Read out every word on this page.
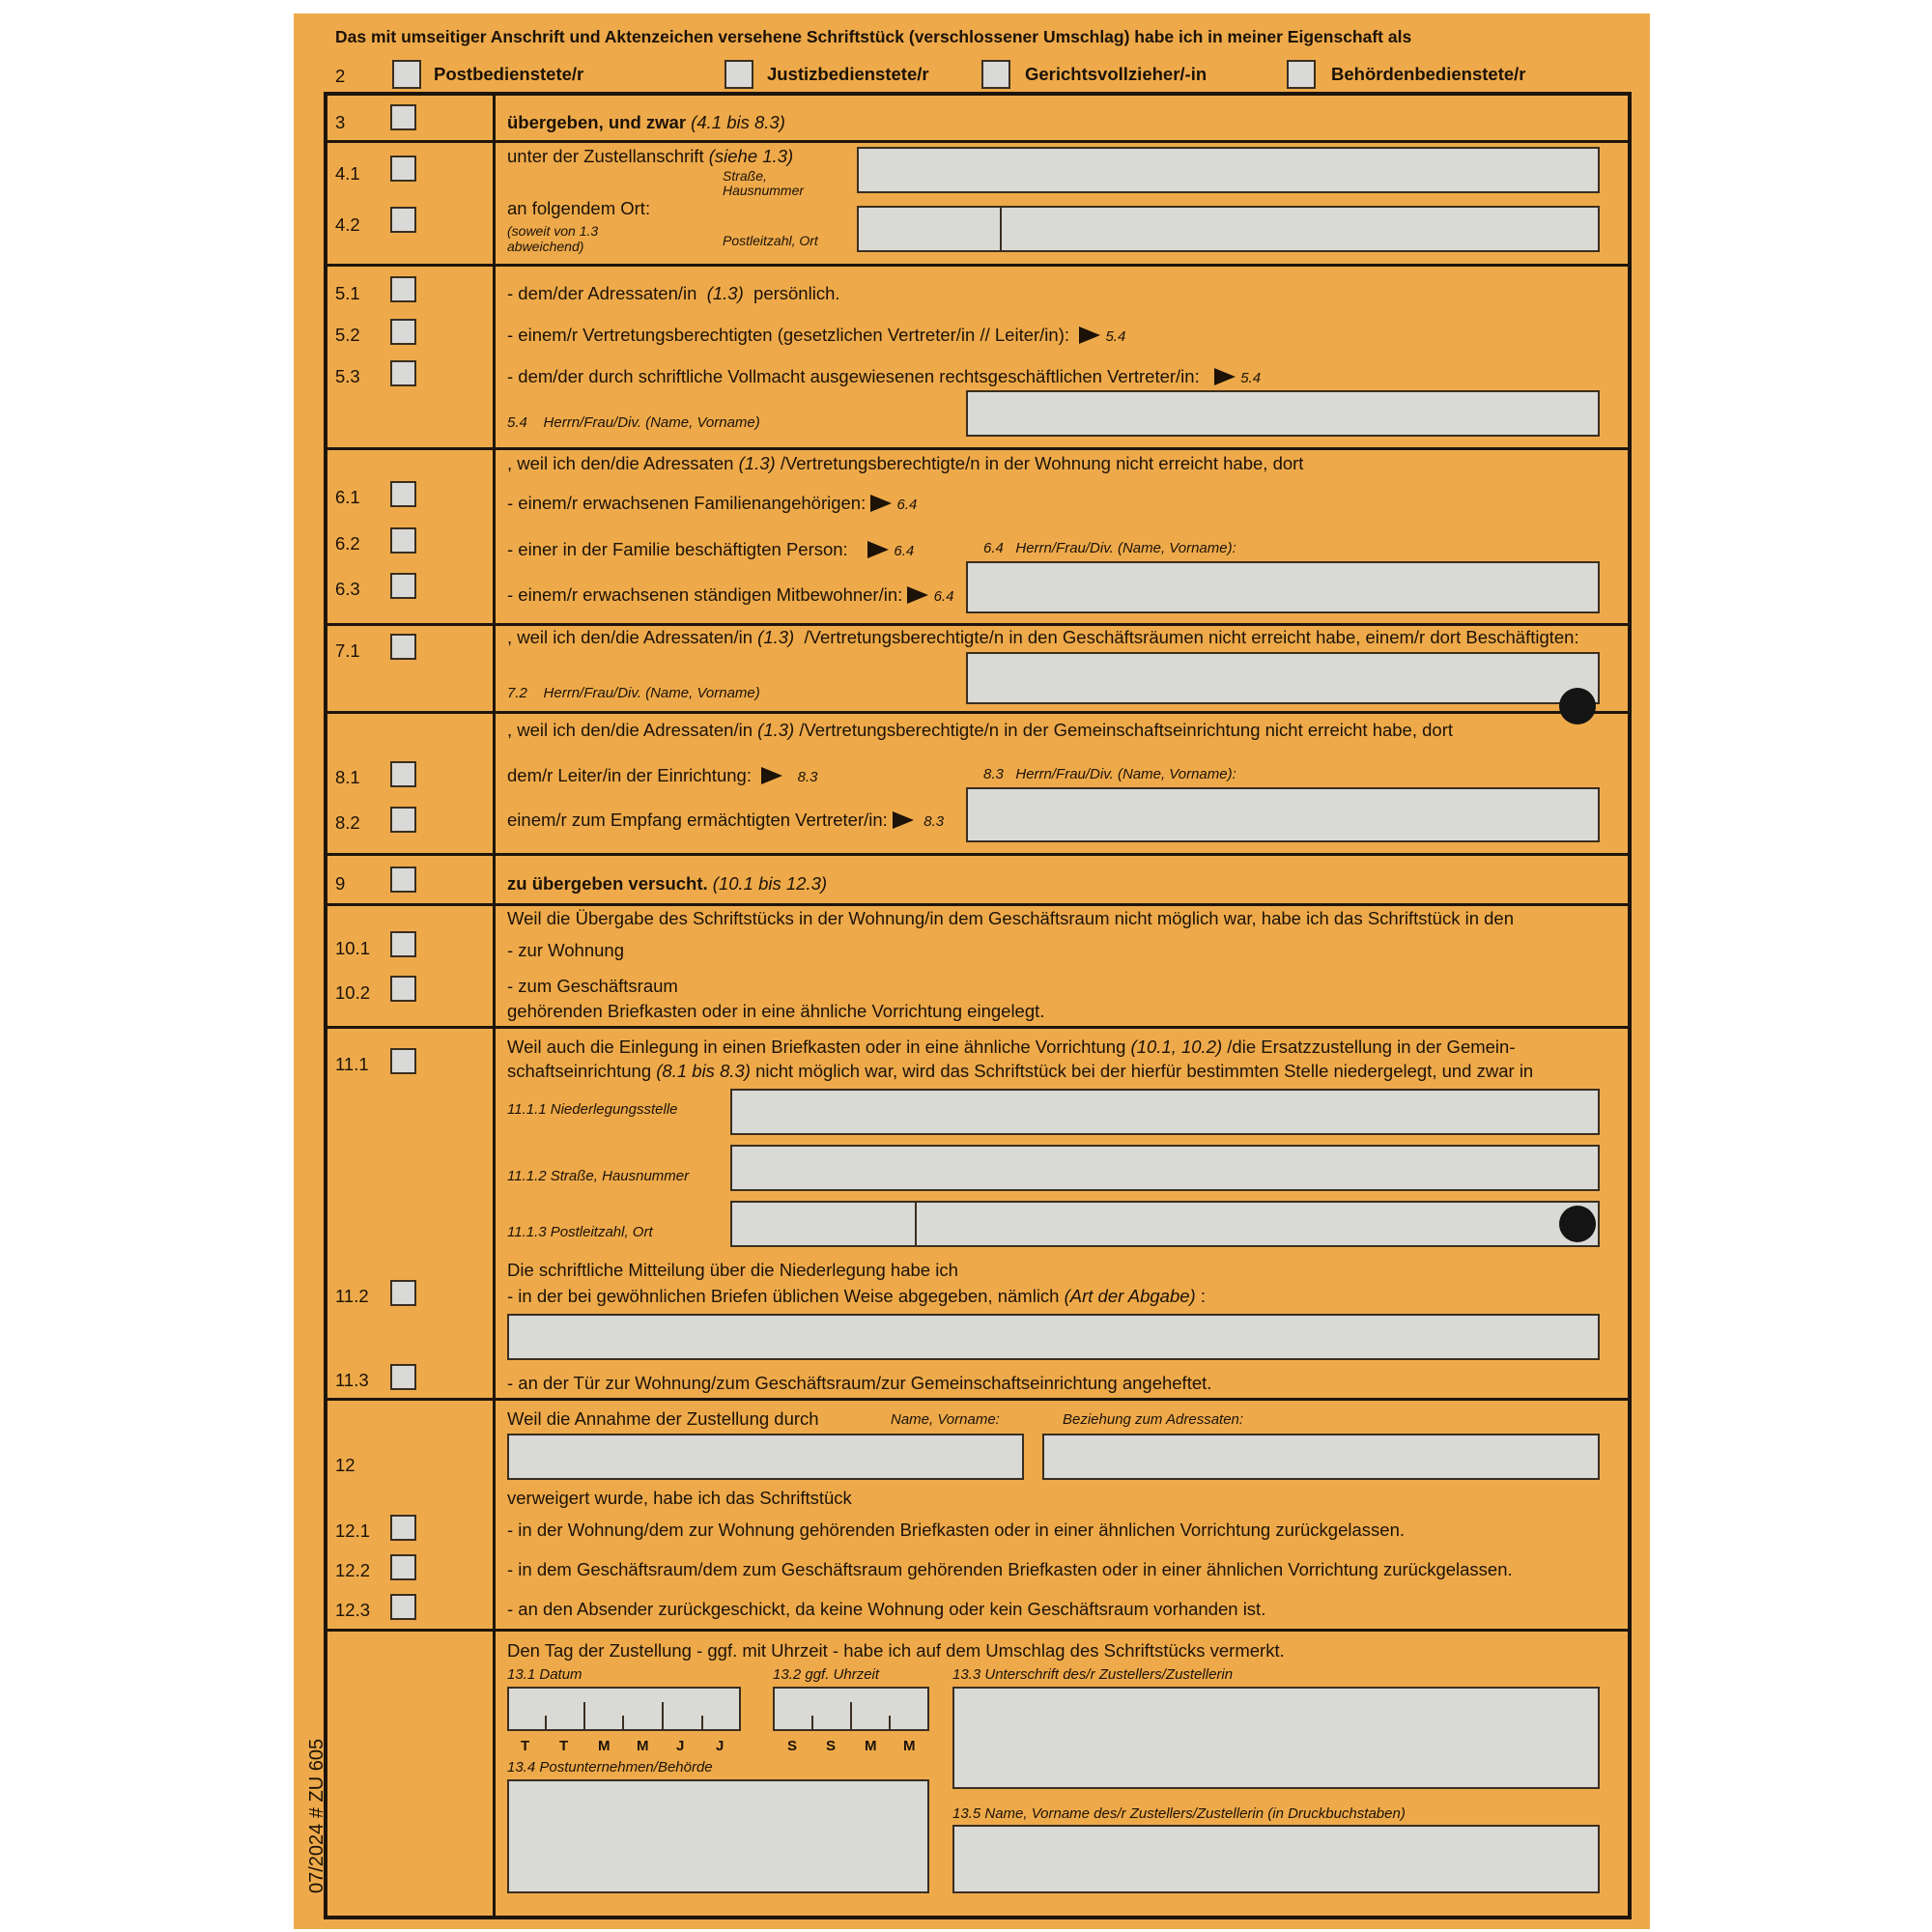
Das mit umseitiger Anschrift und Aktenzeichen versehene Schriftstück (verschlossener Umschlag) habe ich in meiner Eigenschaft als
2	Postbedienstete/r	Justizbedienstete/r	Gerichtsvollzieher/-in	Behördenbedienstete/r
3	übergeben, und zwar (4.1 bis 8.3)
4.1
unter der Zustellanschrift (siehe 1.3)
Straße,
Hausnummer
4.2
an folgendem Ort:
(soweit von 1.3
abweichend)	Postleitzahl, Ort
5.1	- dem/der Adressaten/in (1.3) persönlich.
5.2	- einem/r Vertretungsberechtigten (gesetzlichen Vertreter/in // Leiter/in): 5.4
5.3	- dem/der durch schriftliche Vollmacht ausgewiesenen rechtsgeschäftlichen Vertreter/in:	5.4
5.4 Herrn/Frau/Div. (Name, Vorname)
, weil ich den/die Adressaten (1.3) /Vertretungsberechtigte/n in der Wohnung nicht erreicht habe, dort
6.1	- einem/r erwachsenen Familienangehörigen: 6.4
6.2	- einer in der Familie beschäftigten Person:	6.4	6.4 Herrn/Frau/Div. (Name, Vorname):
6.3	- einem/r erwachsenen ständigen Mitbewohner/in: 6.4
7.1
, weil ich den/die Adressaten/in (1.3) /Vertretungsberechtigte/n in den Geschäftsräumen nicht erreicht habe, einem/r dort Beschäftigten:
7.2 Herrn/Frau/Div. (Name, Vorname)
, weil ich den/die Adressaten/in (1.3) /Vertretungsberechtigte/n in der Gemeinschaftseinrichtung nicht erreicht habe, dort
8.1	dem/r Leiter/in der Einrichtung:	8.3	8.3 Herrn/Frau/Div. (Name, Vorname):
8.2	einem/r zum Empfang ermächtigten Vertreter/in: 8.3
9	zu übergeben versucht. (10.1 bis 12.3)
Weil die Übergabe des Schriftstücks in der Wohnung/in dem Geschäftsraum nicht möglich war, habe ich das Schriftstück in den
10.1	- zur Wohnung
10.2	- zum Geschäftsraum
gehörenden Briefkasten oder in eine ähnliche Vorrichtung eingelegt.
11.1
Weil auch die Einlegung in einen Briefkasten oder in eine ähnliche Vorrichtung (10.1, 10.2) /die Ersatzzustellung in der Gemein-
schaftseinrichtung (8.1 bis 8.3) nicht möglich war, wird das Schriftstück bei der hierfür bestimmten Stelle niedergelegt, und zwar in
11.1.1 Niederlegungsstelle
11.1.2 Straße, Hausnummer
11.1.3 Postleitzahl, Ort
Die schriftliche Mitteilung über die Niederlegung habe ich
11.2	- in der bei gewöhnlichen Briefen üblichen Weise abgegeben, nämlich (Art der Abgabe) :
11.3	- an der Tür zur Wohnung/zum Geschäftsraum/zur Gemeinschaftseinrichtung angeheftet.
Weil die Annahme der Zustellung durch	Name, Vorname:	Beziehung zum Adressaten:
12
verweigert wurde, habe ich das Schriftstück
12.1	- in der Wohnung/dem zur Wohnung gehörenden Briefkasten oder in einer ähnlichen Vorrichtung zurückgelassen.
12.2	- in dem Geschäftsraum/dem zum Geschäftsraum gehörenden Briefkasten oder in einer ähnlichen Vorrichtung zurückgelassen.
12.3	- an den Absender zurückgeschickt, da keine Wohnung oder kein Geschäftsraum vorhanden ist.
Den Tag der Zustellung - ggf. mit Uhrzeit - habe ich auf dem Umschlag des Schriftstücks vermerkt.
13.1 Datum	13.2 ggf. Uhrzeit	13.3 Unterschrift des/r Zustellers/Zustellerin
T T M M J J	S S M M
13.4 Postunternehmen/Behörde
13.5 Name, Vorname des/r Zustellers/Zustellerin (in Druckbuchstaben)
07/2024 # ZU 605
